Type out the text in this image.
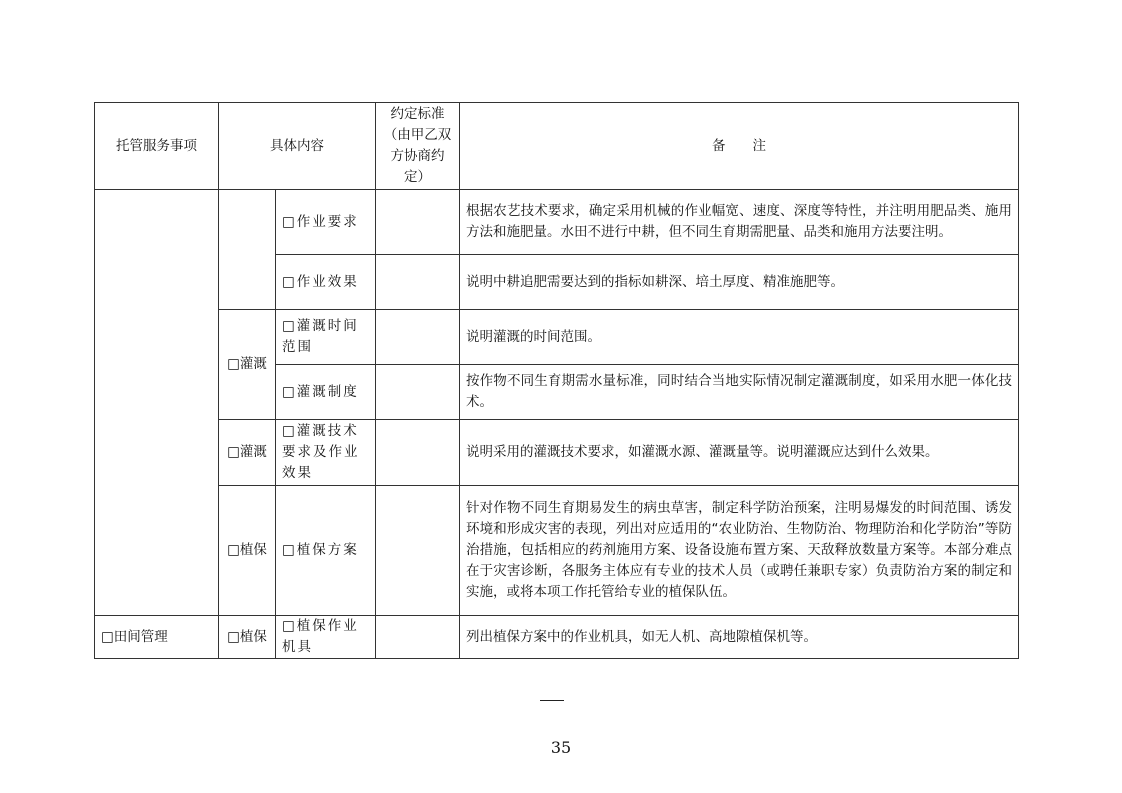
托管服务事项	具体内容		约定标准（由甲乙双方协商约定）	备　　注
		□作业要求		根据农艺技术要求，确定采用机械的作业幅宽、速度、深度等特性，并注明用肥品类、施用方法和施肥量。水田不进行中耕，但不同生育期需肥量、品类和施用方法要注明。
		□作业效果		说明中耕追肥需要达到的指标如耕深、培土厚度、精准施肥等。
	□灌溉	□灌溉时间范围		说明灌溉的时间范围。
		□灌溉制度		按作物不同生育期需水量标准，同时结合当地实际情况制定灌溉制度，如采用水肥一体化技术。
	□灌溉	□灌溉技术要求及作业效果		说明采用的灌溉技术要求，如灌溉水源、灌溉量等。说明灌溉应达到什么效果。
	□植保	□植保方案		针对作物不同生育期易发生的病虫草害，制定科学防治预案，注明易爆发的时间范围、诱发环境和形成灾害的表现，列出对应适用的“农业防治、生物防治、物理防治和化学防治”等防治措施，包括相应的药剂施用方案、设备设施布置方案、天敌释放数量方案等。本部分难点在于灾害诊断，各服务主体应有专业的技术人员（或聘任兼职专家）负责防治方案的制定和实施，或将本项工作托管给专业的植保队伍。
□田间管理	□植保	□植保作业机具		列出植保方案中的作业机具，如无人机、高地隙植保机等。
35
